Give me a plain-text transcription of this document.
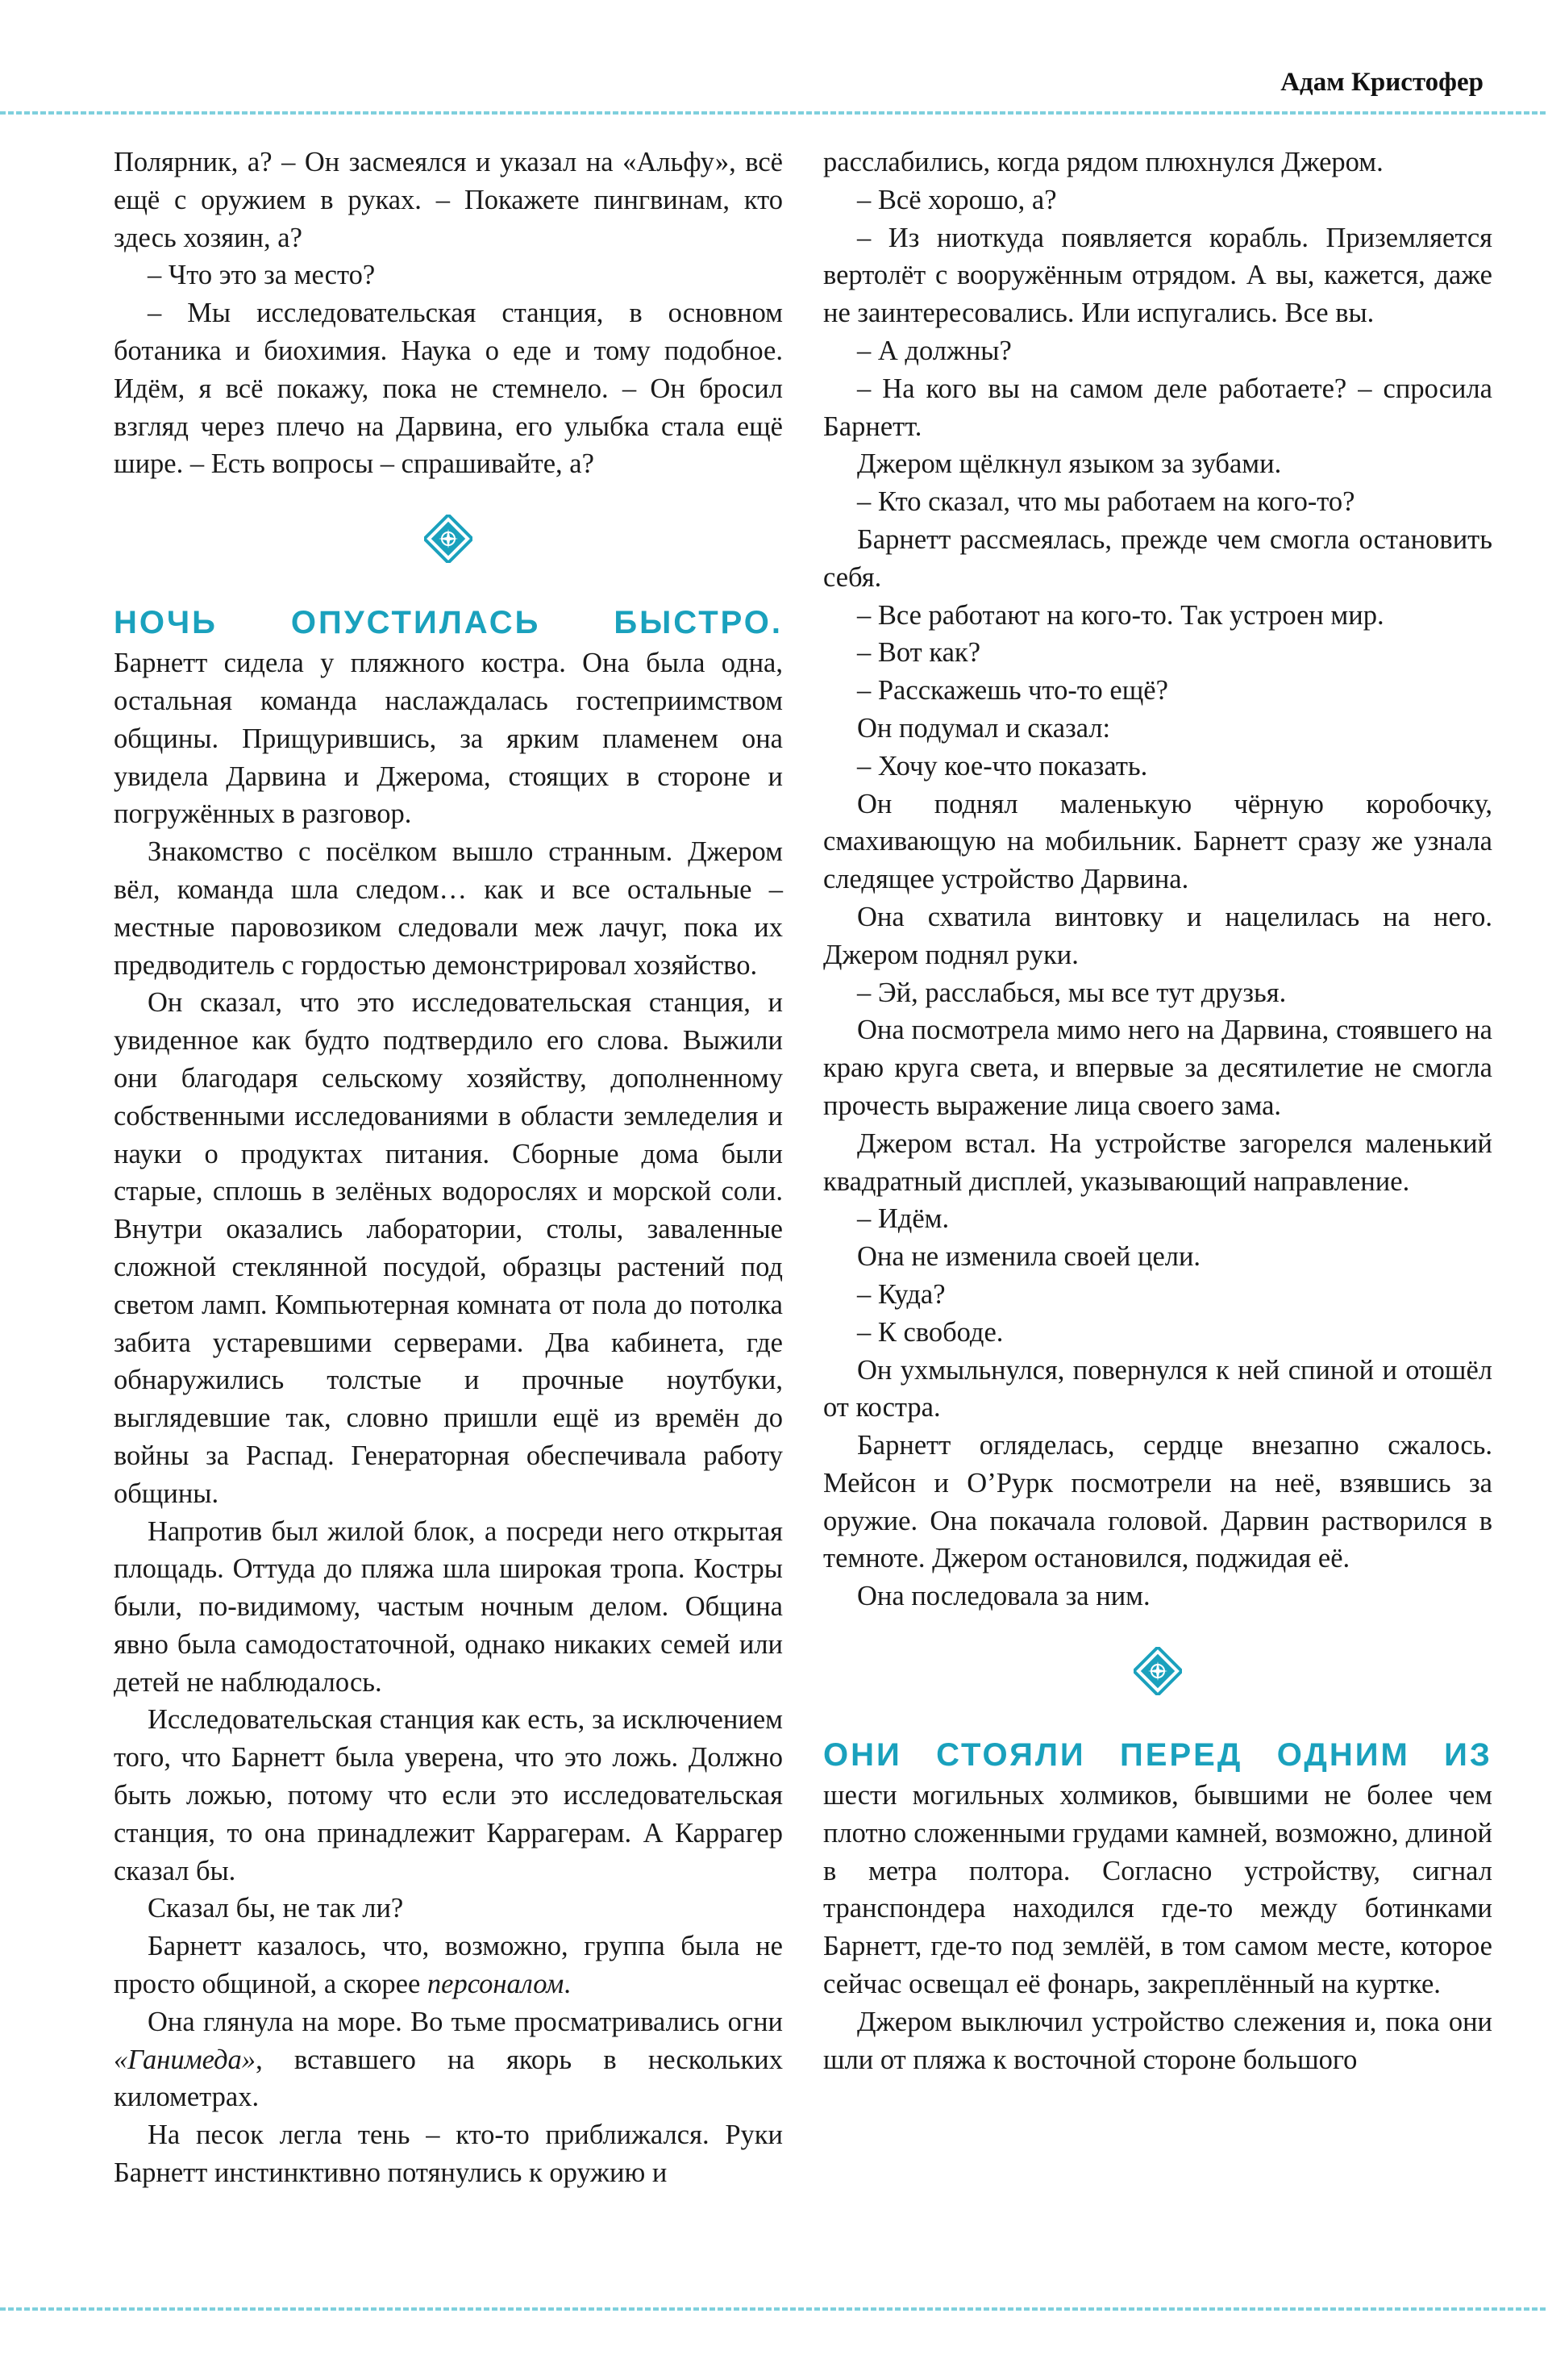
Адам Кристофер

Полярник, а? – Он засмеялся и указал на «Альфу», всё ещё с оружием в руках. – Покажете пингвинам, кто здесь хозяин, а?

– Что это за место?

– Мы исследовательская станция, в основном ботаника и биохимия. Наука о еде и тому подобное. Идём, я всё покажу, пока не стемнело. – Он бросил взгляд через плечо на Дарвина, его улыбка стала ещё шире. – Есть вопросы – спрашивайте, а?

НОЧЬ ОПУСТИЛАСЬ БЫСТРО.

Барнетт сидела у пляжного костра. Она была одна, остальная команда наслаждалась гостеприимством общины. Прищурившись, за ярким пламенем она увидела Дарвина и Джерома, стоящих в стороне и погружённых в разговор.

Знакомство с посёлком вышло странным. Джером вёл, команда шла следом… как и все остальные – местные паровозиком следовали меж лачуг, пока их предводитель с гордостью демонстрировал хозяйство.

Он сказал, что это исследовательская станция, и увиденное как будто подтвердило его слова. Выжили они благодаря сельскому хозяйству, дополненному собственными исследованиями в области земледелия и науки о продуктах питания. Сборные дома были старые, сплошь в зелёных водорослях и морской соли. Внутри оказались лаборатории, столы, заваленные сложной стеклянной посудой, образцы растений под светом ламп. Компьютерная комната от пола до потолка забита устаревшими серверами. Два кабинета, где обнаружились толстые и прочные ноутбуки, выглядевшие так, словно пришли ещё из времён до войны за Распад. Генераторная обеспечивала работу общины.

Напротив был жилой блок, а посреди него открытая площадь. Оттуда до пляжа шла широкая тропа. Костры были, по-видимому, частым ночным делом. Община явно была самодостаточной, однако никаких семей или детей не наблюдалось.

Исследовательская станция как есть, за исключением того, что Барнетт была уверена, что это ложь. Должно быть ложью, потому что если это исследовательская станция, то она принадлежит Каррагерам. А Каррагер сказал бы.

Сказал бы, не так ли?

Барнетт казалось, что, возможно, группа была не просто общиной, а скорее персоналом.

Она глянула на море. Во тьме просматривались огни «Ганимеда», вставшего на якорь в нескольких километрах.

На песок легла тень – кто-то приближался. Руки Барнетт инстинктивно потянулись к оружию и

расслабились, когда рядом плюхнулся Джером.

– Всё хорошо, а?

– Из ниоткуда появляется корабль. Приземляется вертолёт с вооружённым отрядом. А вы, кажется, даже не заинтересовались. Или испугались. Все вы.

– А должны?

– На кого вы на самом деле работаете? – спросила Барнетт.

Джером щёлкнул языком за зубами.

– Кто сказал, что мы работаем на кого-то?

Барнетт рассмеялась, прежде чем смогла остановить себя.

– Все работают на кого-то. Так устроен мир.

– Вот как?

– Расскажешь что-то ещё?

Он подумал и сказал:

– Хочу кое-что показать.

Он поднял маленькую чёрную коробочку, смахивающую на мобильник. Барнетт сразу же узнала следящее устройство Дарвина.

Она схватила винтовку и нацелилась на него. Джером поднял руки.

– Эй, расслабься, мы все тут друзья.

Она посмотрела мимо него на Дарвина, стоявшего на краю круга света, и впервые за десятилетие не смогла прочесть выражение лица своего зама.

Джером встал. На устройстве загорелся маленький квадратный дисплей, указывающий направление.

– Идём.

Она не изменила своей цели.

– Куда?

– К свободе.

Он ухмыльнулся, повернулся к ней спиной и отошёл от костра.

Барнетт огляделась, сердце внезапно сжалось. Мейсон и О’Рурк посмотрели на неё, взявшись за оружие. Она покачала головой. Дарвин растворился в темноте. Джером остановился, поджидая её.

Она последовала за ним.

ОНИ СТОЯЛИ ПЕРЕД ОДНИМ ИЗ

шести могильных холмиков, бывшими не более чем плотно сложенными грудами камней, возможно, длиной в метра полтора. Согласно устройству, сигнал транспондера находился где-то между ботинками Барнетт, где-то под землёй, в том самом месте, которое сейчас освещал её фонарь, закреплённый на куртке.

Джером выключил устройство слежения и, пока они шли от пляжа к восточной стороне большого
